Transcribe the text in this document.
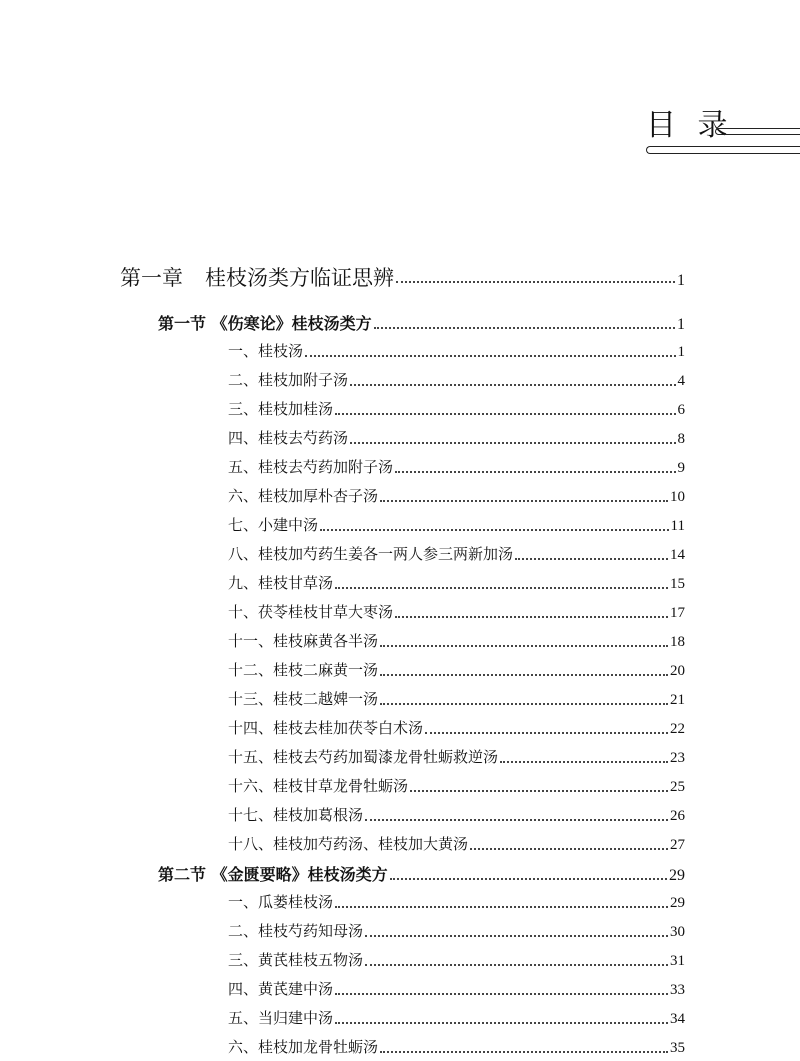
目 录
第一章 桂枝汤类方临证思辨	1
第一节 《伤寒论》桂枝汤类方	1
一、桂枝汤	1
二、桂枝加附子汤	4
三、桂枝加桂汤	6
四、桂枝去芍药汤	8
五、桂枝去芍药加附子汤	9
六、桂枝加厚朴杏子汤	10
七、小建中汤	11
八、桂枝加芍药生姜各一两人参三两新加汤	14
九、桂枝甘草汤	15
十、茯苓桂枝甘草大枣汤	17
十一、桂枝麻黄各半汤	18
十二、桂枝二麻黄一汤	20
十三、桂枝二越婢一汤	21
十四、桂枝去桂加茯苓白术汤	22
十五、桂枝去芍药加蜀漆龙骨牡蛎救逆汤	23
十六、桂枝甘草龙骨牡蛎汤	25
十七、桂枝加葛根汤	26
十八、桂枝加芍药汤、桂枝加大黄汤	27
第二节 《金匮要略》桂枝汤类方	29
一、瓜蒌桂枝汤	29
二、桂枝芍药知母汤	30
三、黄芪桂枝五物汤	31
四、黄芪建中汤	33
五、当归建中汤	34
六、桂枝加龙骨牡蛎汤	35
